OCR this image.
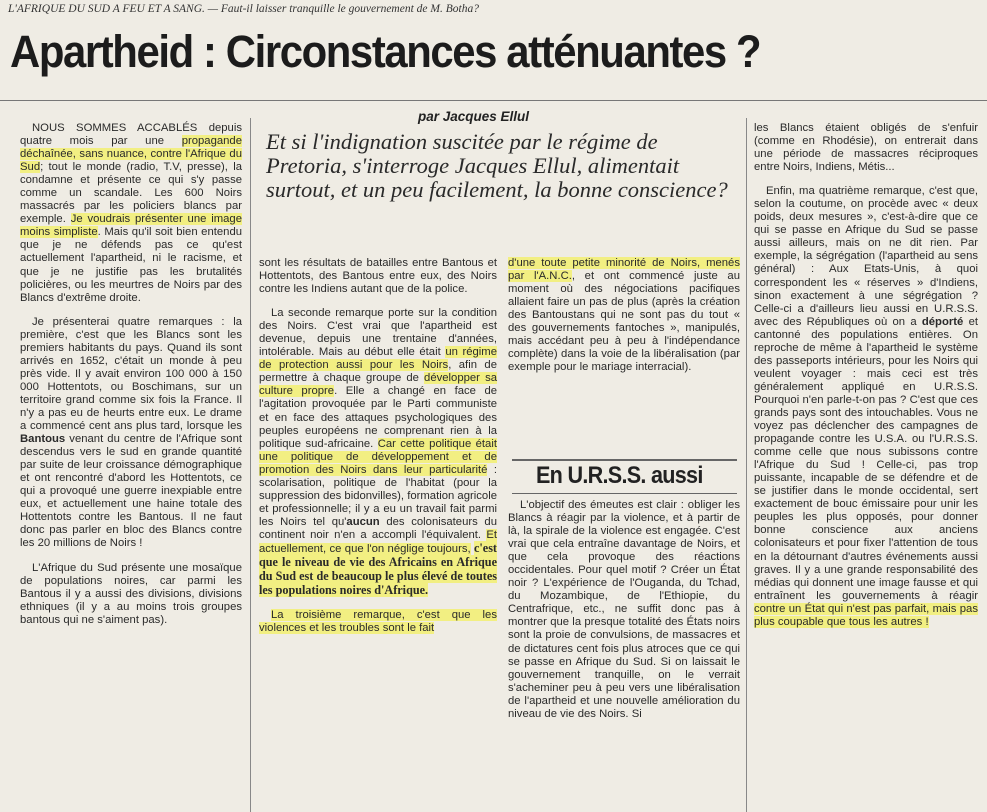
L'AFRIQUE DU SUD A FEU ET A SANG. — Faut-il laisser tranquille le gouvernement de M. Botha?
Apartheid : Circonstances atténuantes ?
par Jacques Ellul
Et si l'indignation suscitée par le régime de Pretoria, s'interroge Jacques Ellul, alimentait surtout, et un peu facilement, la bonne conscience?

NOUS SOMMES ACCABLÉS depuis quatre mois par une propagande déchaînée, sans nuance, contre l'Afrique du Sud; tout le monde (radio, T.V, presse), la condamne et présente ce qui s'y passe comme un scandale. Les 600 Noirs massacrés par les policiers blancs par exemple. Je voudrais présenter une image moins simpliste. Mais qu'il soit bien entendu que je ne défends pas ce qu'est actuellement l'apartheid, ni le racisme, et que je ne justifie pas les brutalités policières, ou les meurtres de Noirs par des Blancs d'extrême droite.

Je présenterai quatre remarques : la première, c'est que les Blancs sont les premiers habitants du pays. Quand ils sont arrivés en 1652, c'était un monde à peu près vide. Il y avait environ 100 000 à 150 000 Hottentots, ou Boschimans, sur un territoire grand comme six fois la France. Il n'y a pas eu de heurts entre eux. Le drame a commencé cent ans plus tard, lorsque les Bantous venant du centre de l'Afrique sont descendus vers le sud en grande quantité par suite de leur croissance démographique et ont rencontré d'abord les Hottentots, ce qui a provoqué une guerre inexpiable entre eux, et actuellement une haine totale des Hottentots contre les Bantous. Il ne faut donc pas parler en bloc des Blancs contre les 20 millions de Noirs !

L'Afrique du Sud présente une mosaïque de populations noires, car parmi les Bantous il y a aussi des divisions, divisions ethniques (il y a au moins trois groupes bantous qui ne s'aiment pas).

sont les résultats de batailles entre Bantous et Hottentots, des Bantous entre eux, des Noirs contre les Indiens autant que de la police.

La seconde remarque porte sur la condition des Noirs. C'est vrai que l'apartheid est devenue, depuis une trentaine d'années, intolérable. Mais au début elle était un régime de protection aussi pour les Noirs, afin de permettre à chaque groupe de développer sa culture propre. Elle a changé en face de l'agitation provoquée par le Parti communiste et en face des attaques psychologiques des peuples européens ne comprenant rien à la politique sud-africaine. Car cette politique était une politique de développement et de promotion des Noirs dans leur particularité : scolarisation, politique de l'habitat (pour la suppression des bidonvilles), formation agricole et professionnelle; il y a eu un travail fait parmi les Noirs tel qu'aucun des colonisateurs du continent noir n'en a accompli l'équivalent. Et actuellement, ce que l'on néglige toujours, c'est que le niveau de vie des Africains en Afrique du Sud est de beaucoup le plus élevé de toutes les populations noires d'Afrique.

La troisième remarque, c'est que les violences et les troubles sont le fait

d'une toute petite minorité de Noirs, menés par l'A.N.C., et ont commencé juste au moment où des négociations pacifiques allaient faire un pas de plus (après la création des Bantoustans qui ne sont pas du tout « des gouvernements fantoches », manipulés, mais accédant peu à peu à l'indépendance complète) dans la voie de la libéralisation (par exemple pour le mariage interracial).

En U.R.S.S. aussi

L'objectif des émeutes est clair : obliger les Blancs à réagir par la violence, et à partir de là, la spirale de la violence est engagée. C'est vrai que cela entraîne davantage de Noirs, et que cela provoque des réactions occidentales. Pour quel motif ? Créer un État noir ? L'expérience de l'Ouganda, du Tchad, du Mozambique, de l'Ethiopie, du Centrafrique, etc., ne suffit donc pas à montrer que la presque totalité des États noirs sont la proie de convulsions, de massacres et de dictatures cent fois plus atroces que ce qui se passe en Afrique du Sud. Si on laissait le gouvernement tranquille, on le verrait s'acheminer peu à peu vers une libéralisation de l'apartheid et une nouvelle amélioration du niveau de vie des Noirs. Si

les Blancs étaient obligés de s'enfuir (comme en Rhodésie), on entrerait dans une période de massacres réciproques entre Noirs, Indiens, Métis...

Enfin, ma quatrième remarque, c'est que, selon la coutume, on procède avec « deux poids, deux mesures », c'est-à-dire que ce qui se passe en Afrique du Sud se passe aussi ailleurs, mais on ne dit rien. Par exemple, la ségrégation (l'apartheid au sens général) : Aux Etats-Unis, à quoi correspondent les « réserves » d'Indiens, sinon exactement à une ségrégation ? Celle-ci a d'ailleurs lieu aussi en U.R.S.S. avec des Républiques où on a déporté et cantonné des populations entières. On reproche de même à l'apartheid le système des passeports intérieurs, pour les Noirs qui veulent voyager : mais ceci est très généralement appliqué en U.R.S.S. Pourquoi n'en parle-t-on pas ? C'est que ces grands pays sont des intouchables. Vous ne voyez pas déclencher des campagnes de propagande contre les U.S.A. ou l'U.R.S.S. comme celle que nous subissons contre l'Afrique du Sud ! Celle-ci, pas trop puissante, incapable de se défendre et de se justifier dans le monde occidental, sert exactement de bouc émissaire pour unir les peuples les plus opposés, pour donner bonne conscience aux anciens colonisateurs et pour fixer l'attention de tous en la détournant d'autres événements aussi graves. Il y a une grande responsabilité des médias qui donnent une image fausse et qui entraînent les gouvernements à réagir contre un État qui n'est pas parfait, mais pas plus coupable que tous les autres !
